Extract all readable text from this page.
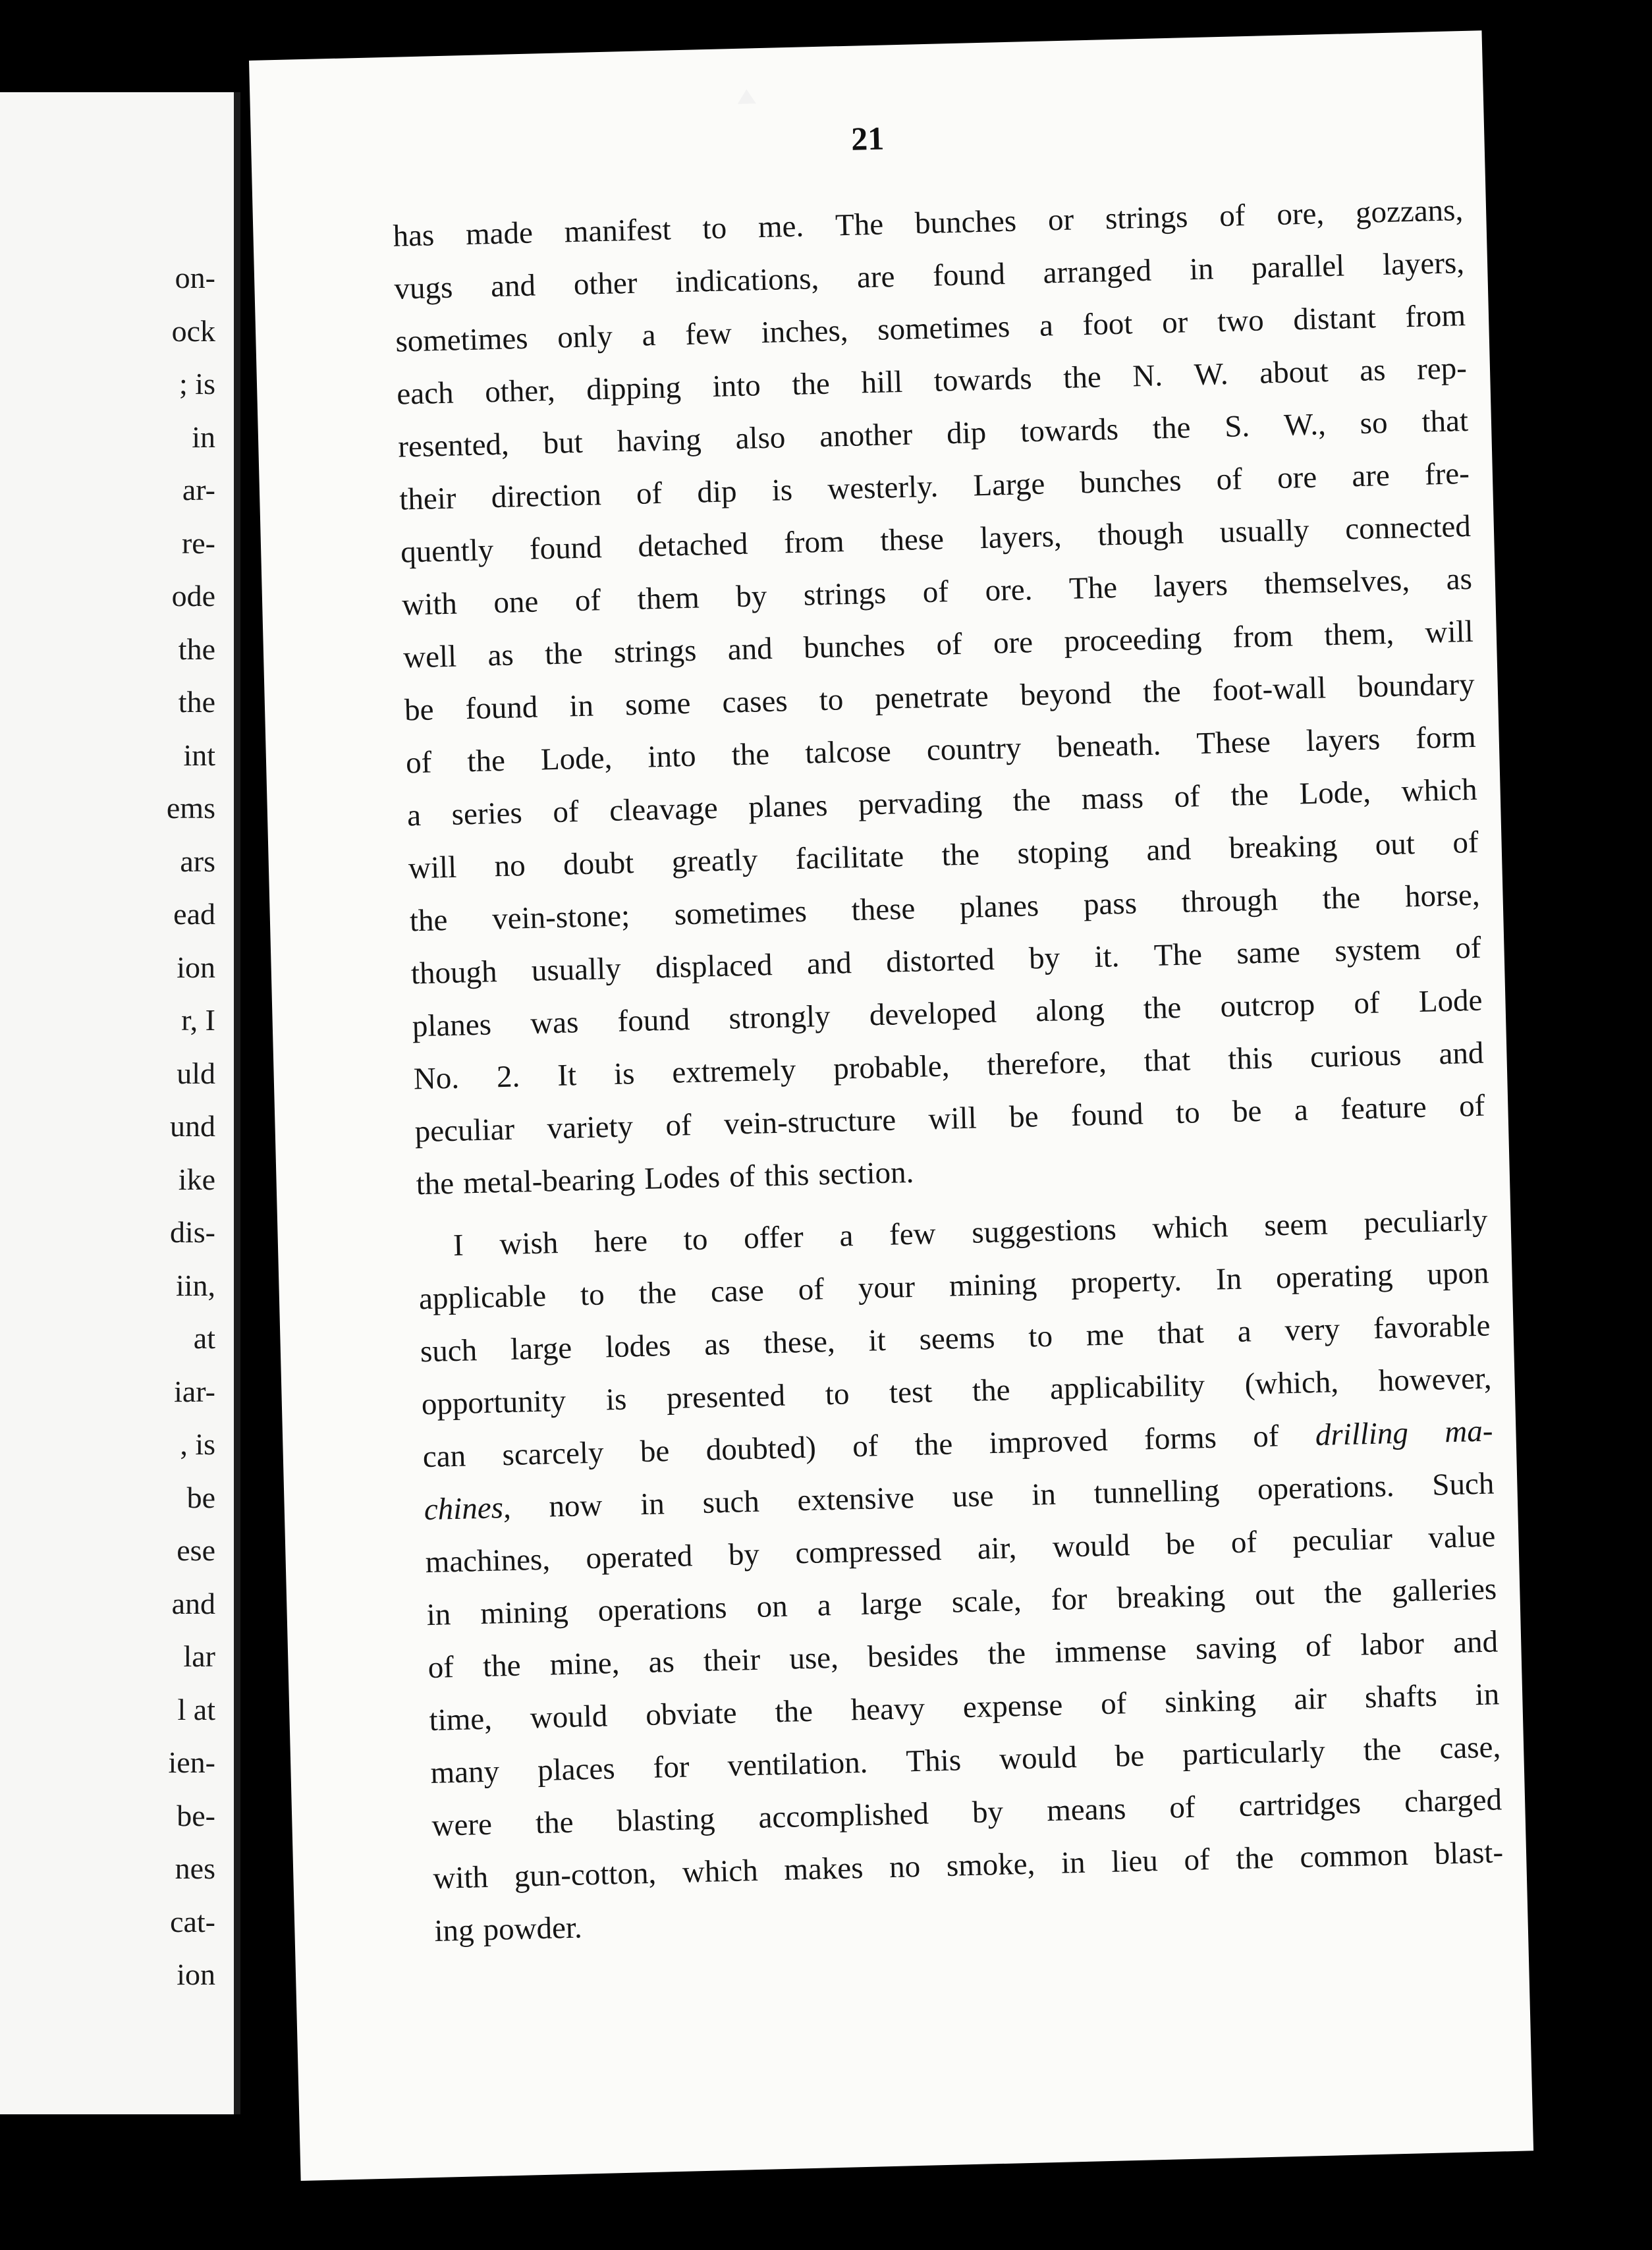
on-
ock
; is
in
ar-
re-
ode
the
the
int
ems
ars
ead
ion
r, I
uld
und
ike
dis-
iin,
at
iar-
, is
be
ese
and
lar
l at
ien-
be-
nes
cat-
ion
21
has made manifest to me. The bunches or strings of ore, gozzans,
vugs and other indications, are found arranged in parallel layers,
sometimes only a few inches, sometimes a foot or two distant from
each other, dipping into the hill towards the N. W. about as rep-
resented, but having also another dip towards the S. W., so that
their direction of dip is westerly. Large bunches of ore are fre-
quently found detached from these layers, though usually connected
with one of them by strings of ore. The layers themselves, as
well as the strings and bunches of ore proceeding from them, will
be found in some cases to penetrate beyond the foot-wall boundary
of the Lode, into the talcose country beneath. These layers form
a series of cleavage planes pervading the mass of the Lode, which
will no doubt greatly facilitate the stoping and breaking out of
the vein-stone; sometimes these planes pass through the horse,
though usually displaced and distorted by it. The same system of
planes was found strongly developed along the outcrop of Lode
No. 2. It is extremely probable, therefore, that this curious and
peculiar variety of vein-structure will be found to be a feature of
the metal-bearing Lodes of this section.
I wish here to offer a few suggestions which seem peculiarly
applicable to the case of your mining property. In operating upon
such large lodes as these, it seems to me that a very favorable
opportunity is presented to test the applicability (which, however,
can scarcely be doubted) of the improved forms of drilling ma-
chines, now in such extensive use in tunnelling operations. Such
machines, operated by compressed air, would be of peculiar value
in mining operations on a large scale, for breaking out the galleries
of the mine, as their use, besides the immense saving of labor and
time, would obviate the heavy expense of sinking air shafts in
many places for ventilation. This would be particularly the case,
were the blasting accomplished by means of cartridges charged
with gun-cotton, which makes no smoke, in lieu of the common blast-
ing powder.
